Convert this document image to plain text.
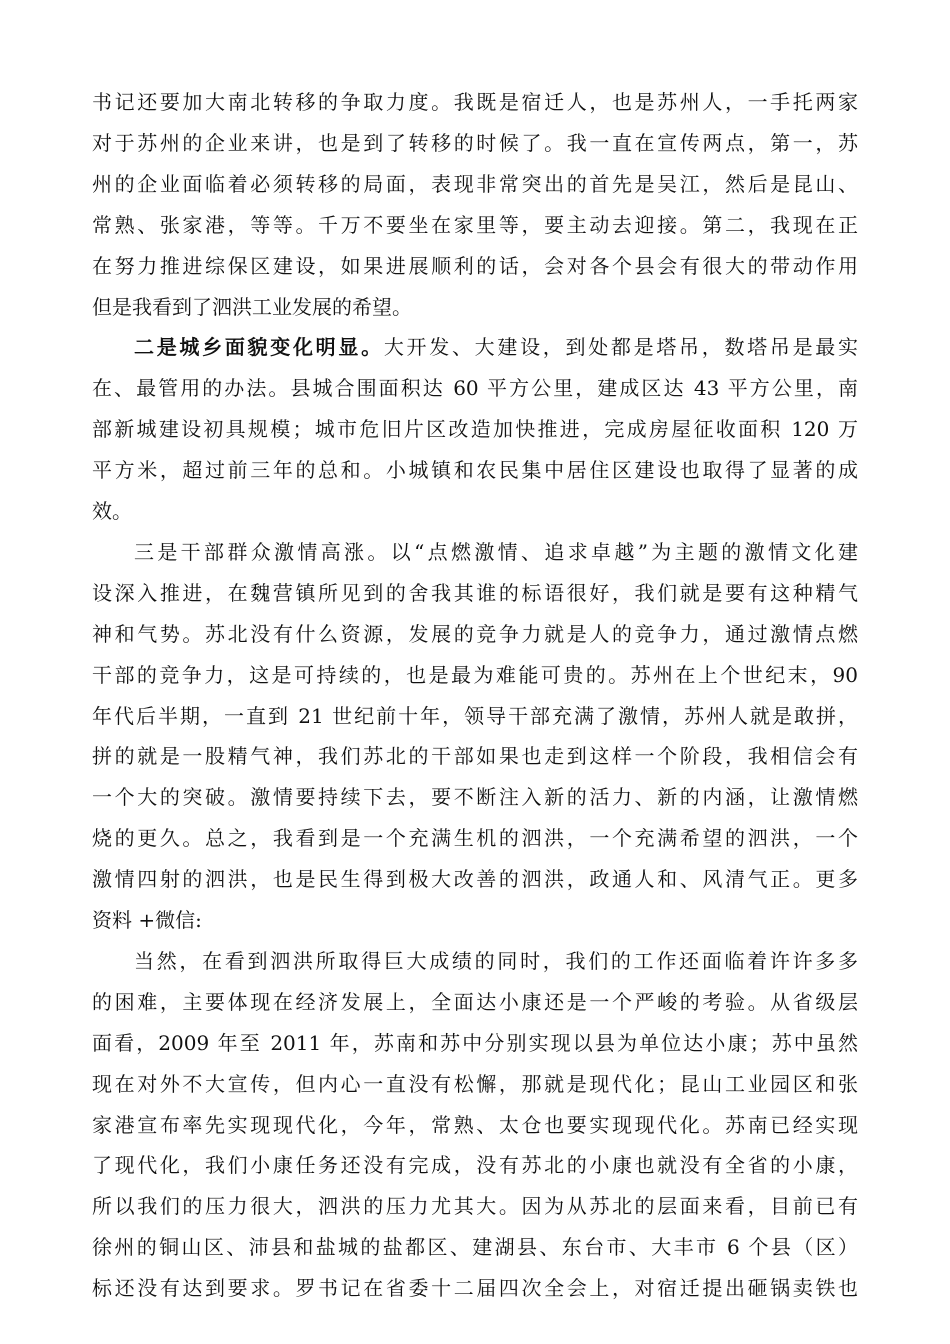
书记还要加大南北转移的争取力度。我既是宿迁人，也是苏州人，一手托两家
对于苏州的企业来讲，也是到了转移的时候了。我一直在宣传两点，第一，苏
州的企业面临着必须转移的局面，表现非常突出的首先是吴江，然后是昆山、
常熟、张家港，等等。千万不要坐在家里等，要主动去迎接。第二，我现在正
在努力推进综保区建设，如果进展顺利的话，会对各个县会有很大的带动作用
但是我看到了泗洪工业发展的希望。
二是城乡面貌变化明显。大开发、大建设，到处都是塔吊，数塔吊是最实
在、最管用的办法。县城合围面积达 60 平方公里，建成区达 43 平方公里，南
部新城建设初具规模；城市危旧片区改造加快推进，完成房屋征收面积 120 万
平方米，超过前三年的总和。小城镇和农民集中居住区建设也取得了显著的成
效。
三是干部群众激情高涨。以“点燃激情、追求卓越”为主题的激情文化建
设深入推进，在魏营镇所见到的舍我其谁的标语很好，我们就是要有这种精气
神和气势。苏北没有什么资源，发展的竞争力就是人的竞争力，通过激情点燃
干部的竞争力，这是可持续的，也是最为难能可贵的。苏州在上个世纪末，90
年代后半期，一直到 21 世纪前十年，领导干部充满了激情，苏州人就是敢拼，
拼的就是一股精气神，我们苏北的干部如果也走到这样一个阶段，我相信会有
一个大的突破。激情要持续下去，要不断注入新的活力、新的内涵，让激情燃
烧的更久。总之，我看到是一个充满生机的泗洪，一个充满希望的泗洪，一个
激情四射的泗洪，也是民生得到极大改善的泗洪，政通人和、风清气正。更多
资料 +微信:
当然，在看到泗洪所取得巨大成绩的同时，我们的工作还面临着许许多多
的困难，主要体现在经济发展上，全面达小康还是一个严峻的考验。从省级层
面看，2009 年至 2011 年，苏南和苏中分别实现以县为单位达小康；苏中虽然
现在对外不大宣传，但内心一直没有松懈，那就是现代化；昆山工业园区和张
家港宣布率先实现现代化，今年，常熟、太仓也要实现现代化。苏南已经实现
了现代化，我们小康任务还没有完成，没有苏北的小康也就没有全省的小康，
所以我们的压力很大，泗洪的压力尤其大。因为从苏北的层面来看，目前已有
徐州的铜山区、沛县和盐城的盐都区、建湖县、东台市、大丰市 6 个县（区）
标还没有达到要求。罗书记在省委十二届四次全会上，对宿迁提出砸锅卖铁也
